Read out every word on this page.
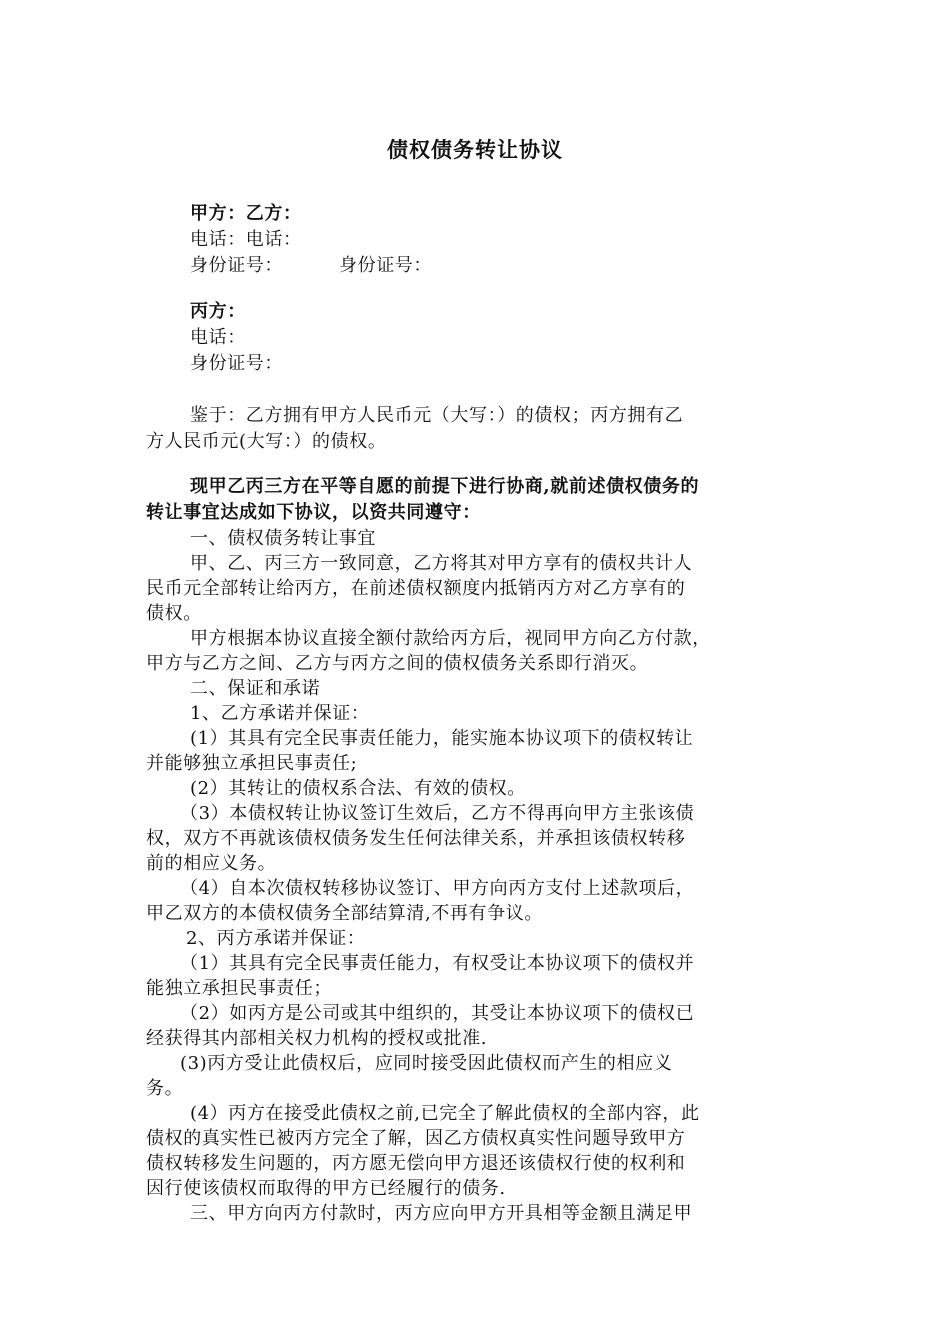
债权债务转让协议
甲方：乙方：
电话：电话：
身份证号：	身份证号：
丙方：
电话：
身份证号：
鉴于：乙方拥有甲方人民币元（大写：）的债权；丙方拥有乙
方人民币元(大写：）的债权。
现甲乙丙三方在平等自愿的前提下进行协商,就前述债权债务的
转让事宜达成如下协议，以资共同遵守：
一、债权债务转让事宜
甲、乙、丙三方一致同意，乙方将其对甲方享有的债权共计人
民币元全部转让给丙方，在前述债权额度内抵销丙方对乙方享有的
债权。
甲方根据本协议直接全额付款给丙方后，视同甲方向乙方付款，
甲方与乙方之间、乙方与丙方之间的债权债务关系即行消灭。
二、保证和承诺
1、乙方承诺并保证：
(1）其具有完全民事责任能力，能实施本协议项下的债权转让
并能够独立承担民事责任;
(2）其转让的债权系合法、有效的债权。
（3）本债权转让协议签订生效后，乙方不得再向甲方主张该债
权，双方不再就该债权债务发生任何法律关系，并承担该债权转移
前的相应义务。
（4）自本次债权转移协议签订、甲方向丙方支付上述款项后，
甲乙双方的本债权债务全部结算清,不再有争议。
2、丙方承诺并保证：
（1）其具有完全民事责任能力，有权受让本协议项下的债权并
能独立承担民事责任；
（2）如丙方是公司或其中组织的，其受让本协议项下的债权已
经获得其内部相关权力机构的授权或批准.
(3)丙方受让此债权后，应同时接受因此债权而产生的相应义
务。
(4）丙方在接受此债权之前,已完全了解此债权的全部内容，此
债权的真实性已被丙方完全了解，因乙方债权真实性问题导致甲方
债权转移发生问题的，丙方愿无偿向甲方退还该债权行使的权利和
因行使该债权而取得的甲方已经履行的债务.
三、甲方向丙方付款时，丙方应向甲方开具相等金额且满足甲
